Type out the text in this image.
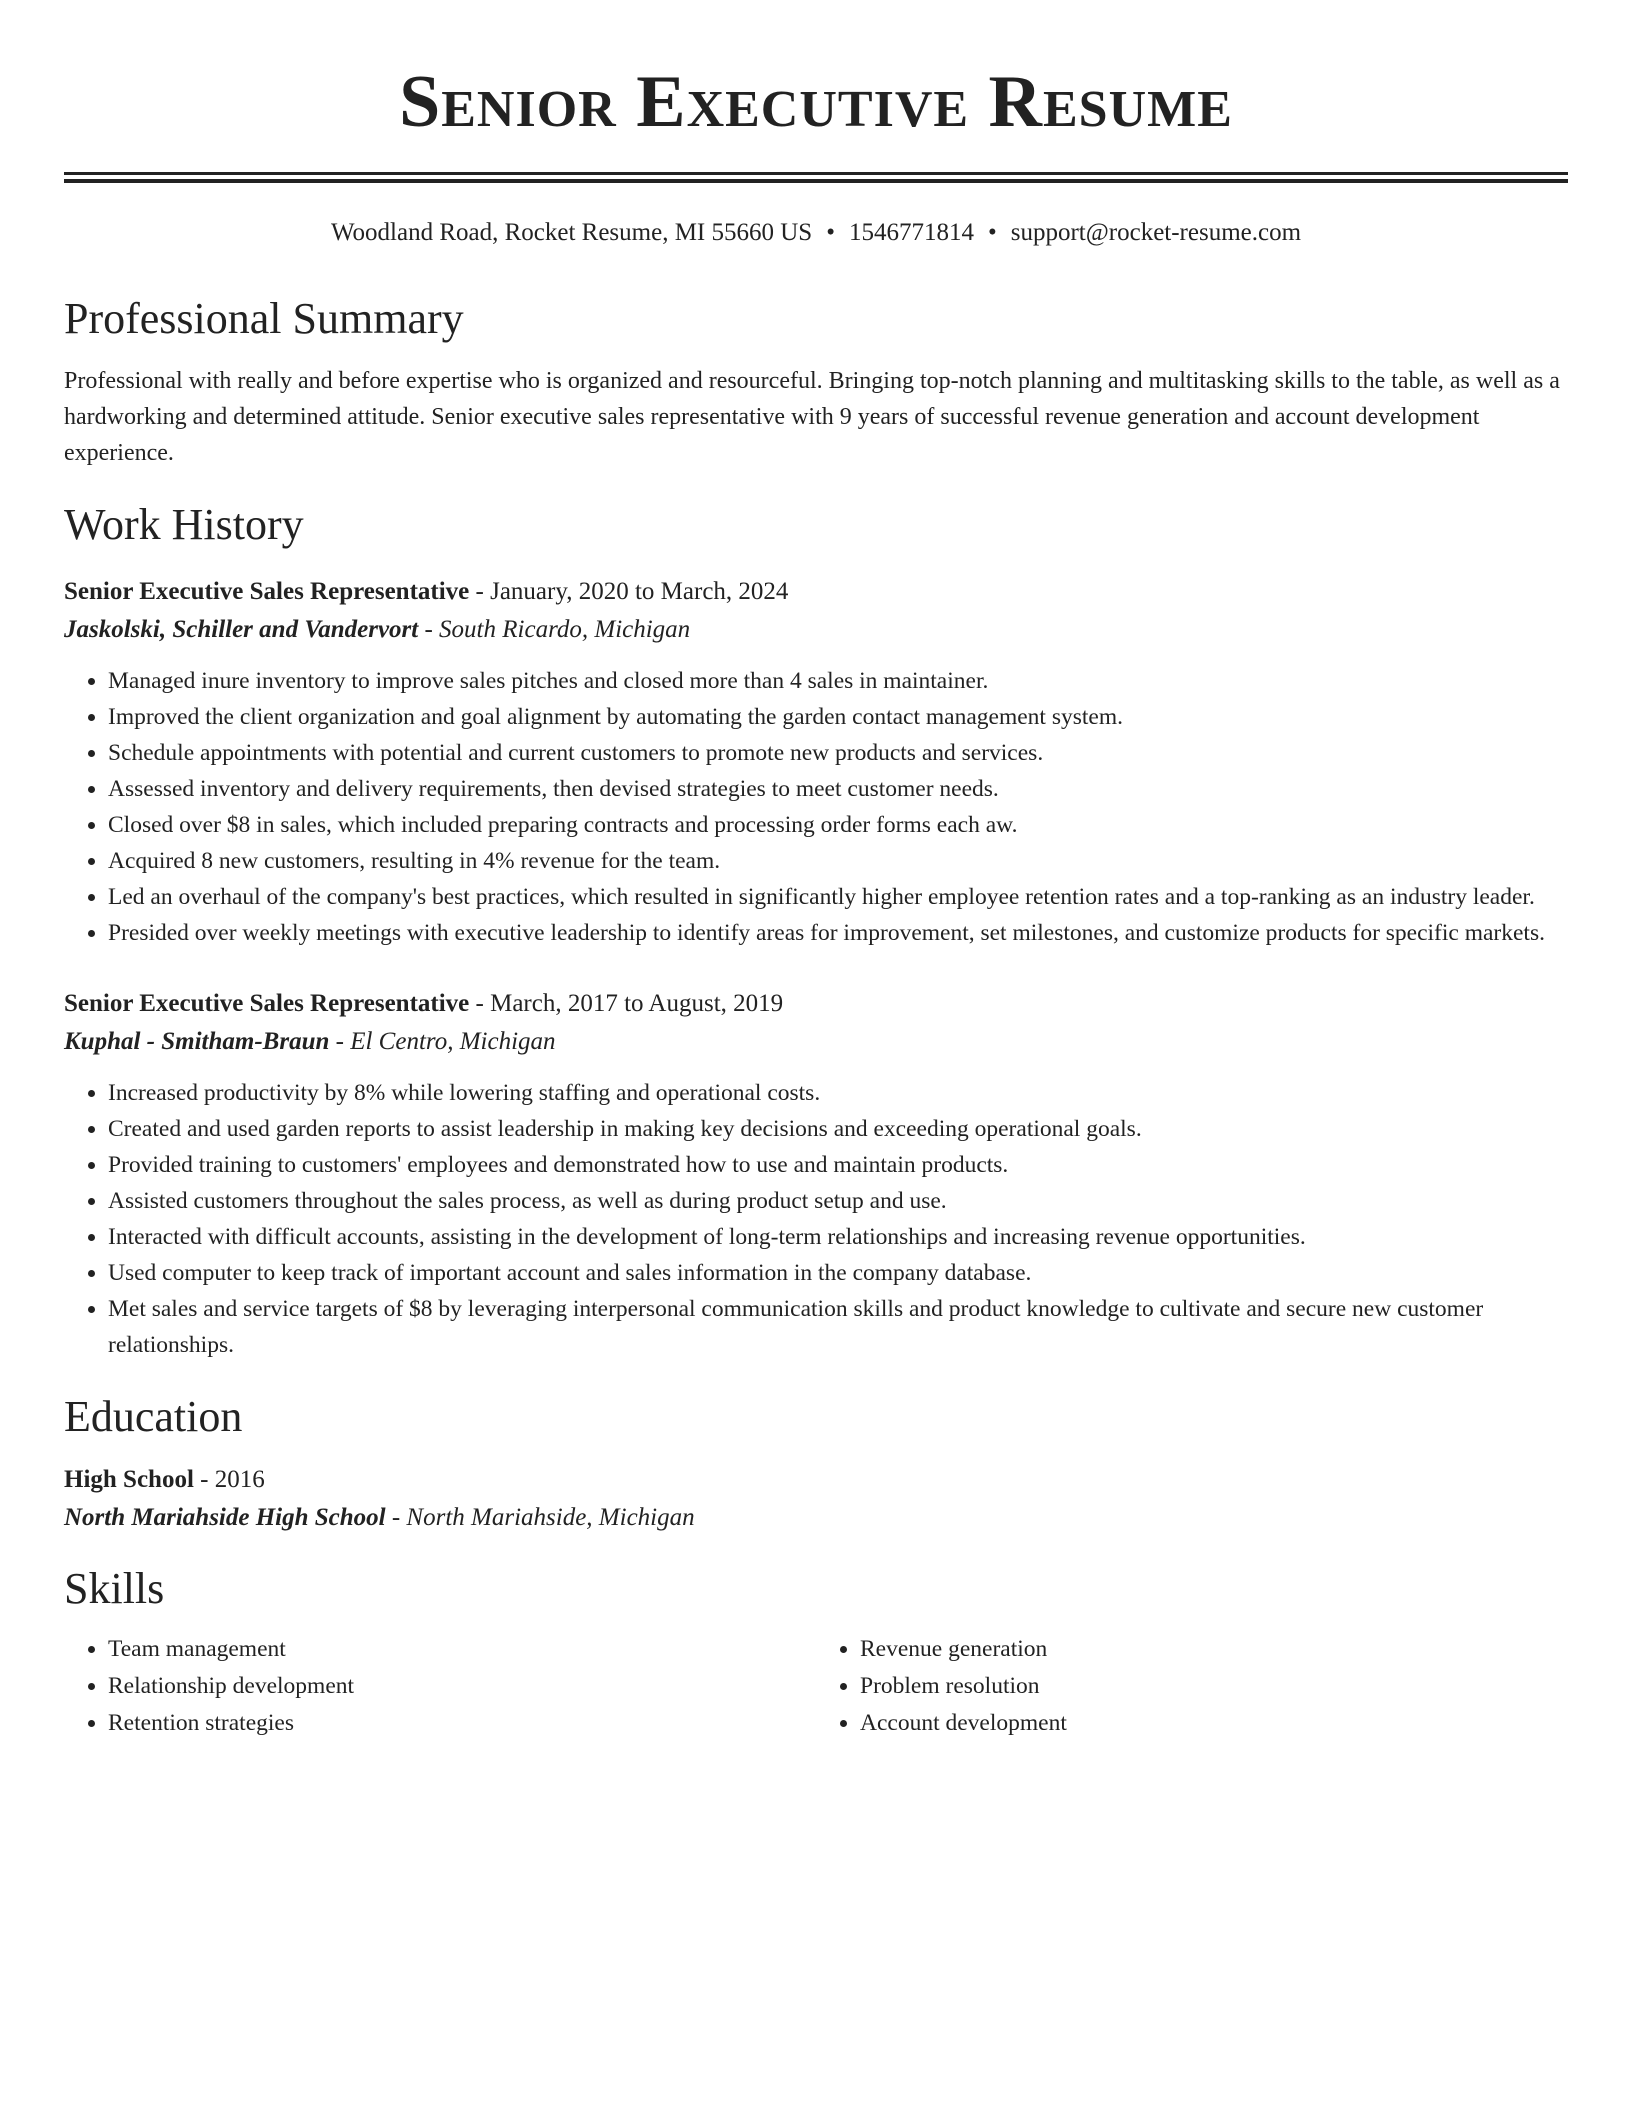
Senior Executive Resume
Woodland Road, Rocket Resume, MI 55660 US • 1546771814 • support@rocket-resume.com
Professional Summary
Professional with really and before expertise who is organized and resourceful. Bringing top-notch planning and multitasking skills to the table, as well as a hardworking and determined attitude. Senior executive sales representative with 9 years of successful revenue generation and account development experience.
Work History
Senior Executive Sales Representative - January, 2020 to March, 2024
Jaskolski, Schiller and Vandervort - South Ricardo, Michigan
• Managed inure inventory to improve sales pitches and closed more than 4 sales in maintainer.
• Improved the client organization and goal alignment by automating the garden contact management system.
• Schedule appointments with potential and current customers to promote new products and services.
• Assessed inventory and delivery requirements, then devised strategies to meet customer needs.
• Closed over $8 in sales, which included preparing contracts and processing order forms each aw.
• Acquired 8 new customers, resulting in 4% revenue for the team.
• Led an overhaul of the company's best practices, which resulted in significantly higher employee retention rates and a top-ranking as an industry leader.
• Presided over weekly meetings with executive leadership to identify areas for improvement, set milestones, and customize products for specific markets.
Senior Executive Sales Representative - March, 2017 to August, 2019
Kuphal - Smitham-Braun - El Centro, Michigan
• Increased productivity by 8% while lowering staffing and operational costs.
• Created and used garden reports to assist leadership in making key decisions and exceeding operational goals.
• Provided training to customers' employees and demonstrated how to use and maintain products.
• Assisted customers throughout the sales process, as well as during product setup and use.
• Interacted with difficult accounts, assisting in the development of long-term relationships and increasing revenue opportunities.
• Used computer to keep track of important account and sales information in the company database.
• Met sales and service targets of $8 by leveraging interpersonal communication skills and product knowledge to cultivate and secure new customer relationships.
Education
High School - 2016
North Mariahside High School - North Mariahside, Michigan
Skills
• Team management
• Relationship development
• Retention strategies
• Revenue generation
• Problem resolution
• Account development
